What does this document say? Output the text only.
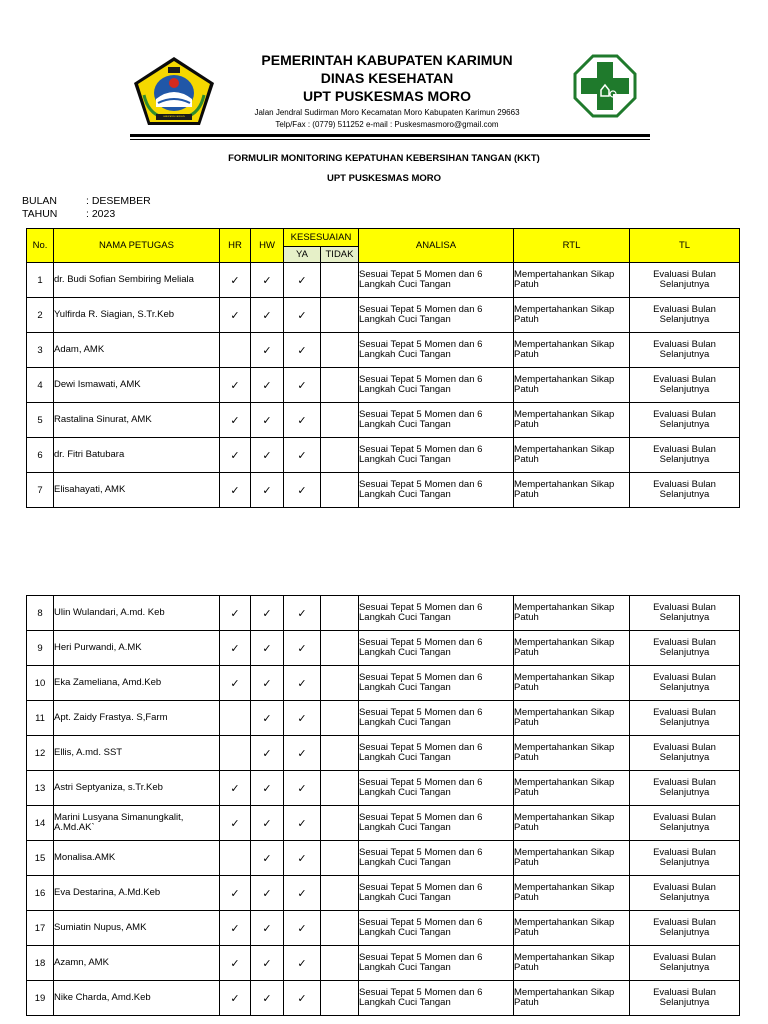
KABUPATEN KARIMUN
PEMERINTAH KABUPATEN KARIMUN
DINAS KESEHATAN
UPT PUSKESMAS MORO
Jalan Jendral Sudirman Moro Kecamatan Moro Kabupaten Karimun 29663
Telp/Fax : (0779) 511252 e-mail : Puskesmasmoro@gmail.com
FORMULIR MONITORING KEPATUHAN KEBERSIHAN TANGAN (KKT)
UPT PUSKESMAS MORO
BULAN	: DESEMBER
TAHUN	: 2023
No.	NAMA PETUGAS	HR	HW	KESESUAIAN		ANALISA	RTL	TL
				YA	TIDAK			
1	dr. Budi Sofian Sembiring Meliala	✓	✓	✓		Sesuai Tepat 5 Momen dan 6 Langkah Cuci Tangan	Mempertahankan Sikap Patuh	Evaluasi Bulan Selanjutnya
2	Yulfirda R. Siagian, S.Tr.Keb	✓	✓	✓		Sesuai Tepat 5 Momen dan 6 Langkah Cuci Tangan	Mempertahankan Sikap Patuh	Evaluasi Bulan Selanjutnya
3	Adam, AMK		✓	✓		Sesuai Tepat 5 Momen dan 6 Langkah Cuci Tangan	Mempertahankan Sikap Patuh	Evaluasi Bulan Selanjutnya
4	Dewi Ismawati, AMK	✓	✓	✓		Sesuai Tepat 5 Momen dan 6 Langkah Cuci Tangan	Mempertahankan Sikap Patuh	Evaluasi Bulan Selanjutnya
5	Rastalina Sinurat, AMK	✓	✓	✓		Sesuai Tepat 5 Momen dan 6 Langkah Cuci Tangan	Mempertahankan Sikap Patuh	Evaluasi Bulan Selanjutnya
6	dr. Fitri Batubara	✓	✓	✓		Sesuai Tepat 5 Momen dan 6 Langkah Cuci Tangan	Mempertahankan Sikap Patuh	Evaluasi Bulan Selanjutnya
7	Elisahayati, AMK	✓	✓	✓		Sesuai Tepat 5 Momen dan 6 Langkah Cuci Tangan	Mempertahankan Sikap Patuh	Evaluasi Bulan Selanjutnya
8	Ulin Wulandari, A.md. Keb	✓	✓	✓		Sesuai Tepat 5 Momen dan 6 Langkah Cuci Tangan	Mempertahankan Sikap Patuh	Evaluasi Bulan Selanjutnya
9	Heri Purwandi, A.MK	✓	✓	✓		Sesuai Tepat 5 Momen dan 6 Langkah Cuci Tangan	Mempertahankan Sikap Patuh	Evaluasi Bulan Selanjutnya
10	Eka Zameliana, Amd.Keb	✓	✓	✓		Sesuai Tepat 5 Momen dan 6 Langkah Cuci Tangan	Mempertahankan Sikap Patuh	Evaluasi Bulan Selanjutnya
11	Apt. Zaidy Frastya. S,Farm		✓	✓		Sesuai Tepat 5 Momen dan 6 Langkah Cuci Tangan	Mempertahankan Sikap Patuh	Evaluasi Bulan Selanjutnya
12	Ellis, A.md. SST		✓	✓		Sesuai Tepat 5 Momen dan 6 Langkah Cuci Tangan	Mempertahankan Sikap Patuh	Evaluasi Bulan Selanjutnya
13	Astri Septyaniza, s.Tr.Keb	✓	✓	✓		Sesuai Tepat 5 Momen dan 6 Langkah Cuci Tangan	Mempertahankan Sikap Patuh	Evaluasi Bulan Selanjutnya
14	Marini Lusyana Simanungkalit, A.Md.AK`	✓	✓	✓		Sesuai Tepat 5 Momen dan 6 Langkah Cuci Tangan	Mempertahankan Sikap Patuh	Evaluasi Bulan Selanjutnya
15	Monalisa.AMK		✓	✓		Sesuai Tepat 5 Momen dan 6 Langkah Cuci Tangan	Mempertahankan Sikap Patuh	Evaluasi Bulan Selanjutnya
16	Eva Destarina, A.Md.Keb	✓	✓	✓		Sesuai Tepat 5 Momen dan 6 Langkah Cuci Tangan	Mempertahankan Sikap Patuh	Evaluasi Bulan Selanjutnya
17	Sumiatin Nupus, AMK	✓	✓	✓		Sesuai Tepat 5 Momen dan 6 Langkah Cuci Tangan	Mempertahankan Sikap Patuh	Evaluasi Bulan Selanjutnya
18	Azamn, AMK	✓	✓	✓		Sesuai Tepat 5 Momen dan 6 Langkah Cuci Tangan	Mempertahankan Sikap Patuh	Evaluasi Bulan Selanjutnya
19	Nike Charda, Amd.Keb	✓	✓	✓		Sesuai Tepat 5 Momen dan 6 Langkah Cuci Tangan	Mempertahankan Sikap Patuh	Evaluasi Bulan Selanjutnya
